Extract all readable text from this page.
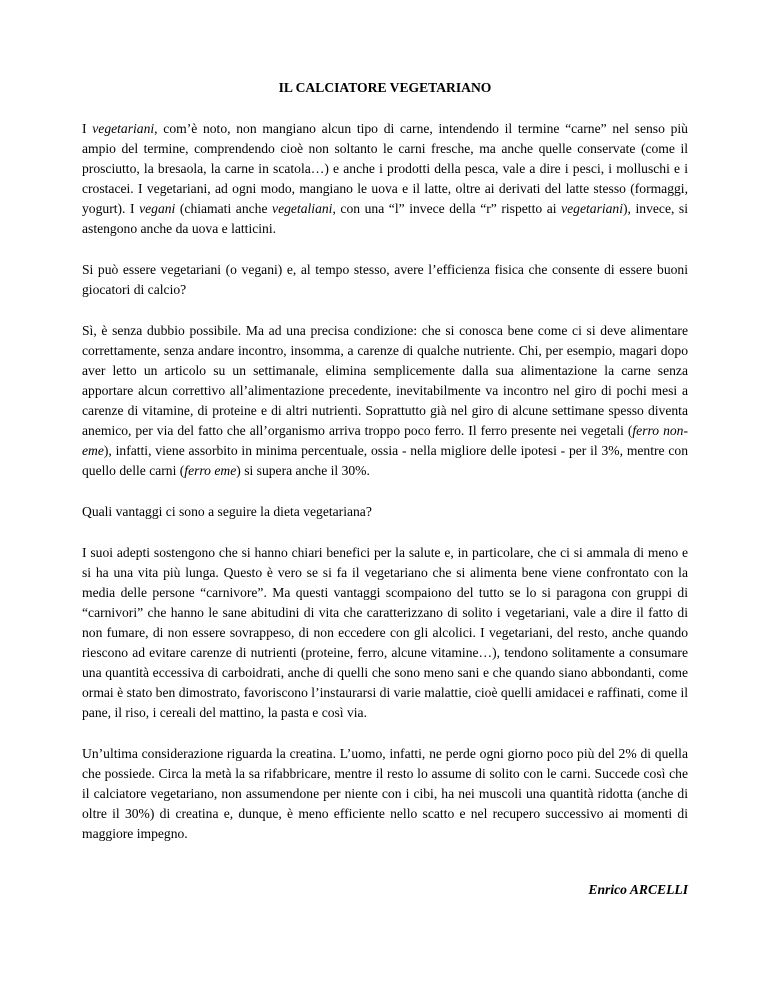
IL CALCIATORE VEGETARIANO

I vegetariani, com’è noto, non mangiano alcun tipo di carne, intendendo il termine “carne” nel senso più ampio del termine, comprendendo cioè non soltanto le carni fresche, ma anche quelle conservate (come il prosciutto, la bresaola, la carne in scatola…) e anche i prodotti della pesca, vale a dire i pesci, i molluschi e i crostacei. I vegetariani, ad ogni modo, mangiano le uova e il latte, oltre ai derivati del latte stesso (formaggi, yogurt). I vegani (chiamati anche vegetaliani, con una “l” invece della “r” rispetto ai vegetariani), invece, si astengono anche da uova e latticini.

Si può essere vegetariani (o vegani) e, al tempo stesso, avere l’efficienza fisica che consente di essere buoni giocatori di calcio?

Sì, è senza dubbio possibile. Ma ad una precisa condizione: che si conosca bene come ci si deve alimentare correttamente, senza andare incontro, insomma, a carenze di qualche nutriente. Chi, per esempio, magari dopo aver letto un articolo su un settimanale, elimina semplicemente dalla sua alimentazione la carne senza apportare alcun correttivo all’alimentazione precedente, inevitabilmente va incontro nel giro di pochi mesi a carenze di vitamine, di proteine e di altri nutrienti. Soprattutto già nel giro di alcune settimane spesso diventa anemico, per via del fatto che all’organismo arriva troppo poco ferro. Il ferro presente nei vegetali (ferro non-eme), infatti, viene assorbito in minima percentuale, ossia - nella migliore delle ipotesi - per il 3%, mentre con quello delle carni (ferro eme) si supera anche il 30%.

Quali vantaggi ci sono a seguire la dieta vegetariana?

I suoi adepti sostengono che si hanno chiari benefici per la salute e, in particolare, che ci si ammala di meno e si ha una vita più lunga. Questo è vero se si fa il vegetariano che si alimenta bene viene confrontato con la media delle persone “carnivore”. Ma questi vantaggi scompaiono del tutto se lo si paragona con gruppi di “carnivori” che hanno le sane abitudini di vita che caratterizzano di solito i vegetariani, vale a dire il fatto di non fumare, di non essere sovrappeso, di non eccedere con gli alcolici. I vegetariani, del resto, anche quando riescono ad evitare carenze di nutrienti (proteine, ferro, alcune vitamine…), tendono solitamente a consumare una quantità eccessiva di carboidrati, anche di quelli che sono meno sani e che quando siano abbondanti, come ormai è stato ben dimostrato, favoriscono l’instaurarsi di varie malattie, cioè quelli amidacei e raffinati, come il pane, il riso, i cereali del mattino, la pasta e così via.

Un’ultima considerazione riguarda la creatina. L’uomo, infatti, ne perde ogni giorno poco più del 2% di quella che possiede. Circa la metà la sa rifabbricare, mentre il resto lo assume di solito con le carni. Succede così che il calciatore vegetariano, non assumendone per niente con i cibi, ha nei muscoli una quantità ridotta (anche di oltre il 30%) di creatina e, dunque, è meno efficiente nello scatto e nel recupero successivo ai momenti di maggiore impegno.

Enrico ARCELLI
